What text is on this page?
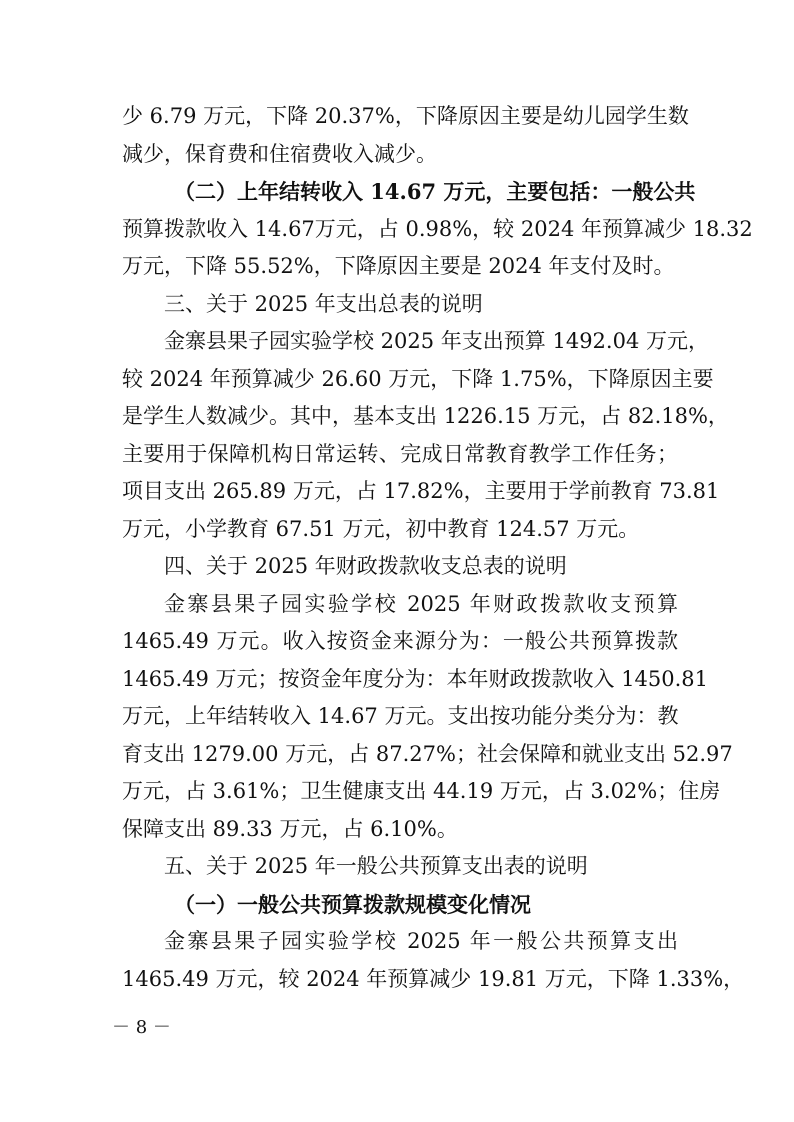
少 6.79 万元，下降 20.37%，下降原因主要是幼儿园学生数
减少，保育费和住宿费收入减少。
（二）上年结转收入 14.67 万元，主要包括：一般公共
预算拨款收入 14.67万元，占 0.98%，较 2024 年预算减少 18.32
万元，下降 55.52%，下降原因主要是 2024 年支付及时。
三、关于 2025 年支出总表的说明
金寨县果子园实验学校 2025 年支出预算 1492.04 万元，
较 2024 年预算减少 26.60 万元，下降 1.75%，下降原因主要
是学生人数减少。其中，基本支出 1226.15 万元，占 82.18%，
主要用于保障机构日常运转、完成日常教育教学工作任务；
项目支出 265.89 万元，占 17.82%，主要用于学前教育 73.81
万元，小学教育 67.51 万元，初中教育 124.57 万元。
四、关于 2025 年财政拨款收支总表的说明
金寨县果子园实验学校 2025 年财政拨款收支预算
1465.49 万元。收入按资金来源分为：一般公共预算拨款
1465.49 万元；按资金年度分为：本年财政拨款收入 1450.81
万元，上年结转收入 14.67 万元。支出按功能分类分为：教
育支出 1279.00 万元，占 87.27%；社会保障和就业支出 52.97
万元，占 3.61%；卫生健康支出 44.19 万元，占 3.02%；住房
保障支出 89.33 万元，占 6.10%。
五、关于 2025 年一般公共预算支出表的说明
（一）一般公共预算拨款规模变化情况
金寨县果子园实验学校 2025 年一般公共预算支出
1465.49 万元，较 2024 年预算减少 19.81 万元，下降 1.33%，
－ 8 －
